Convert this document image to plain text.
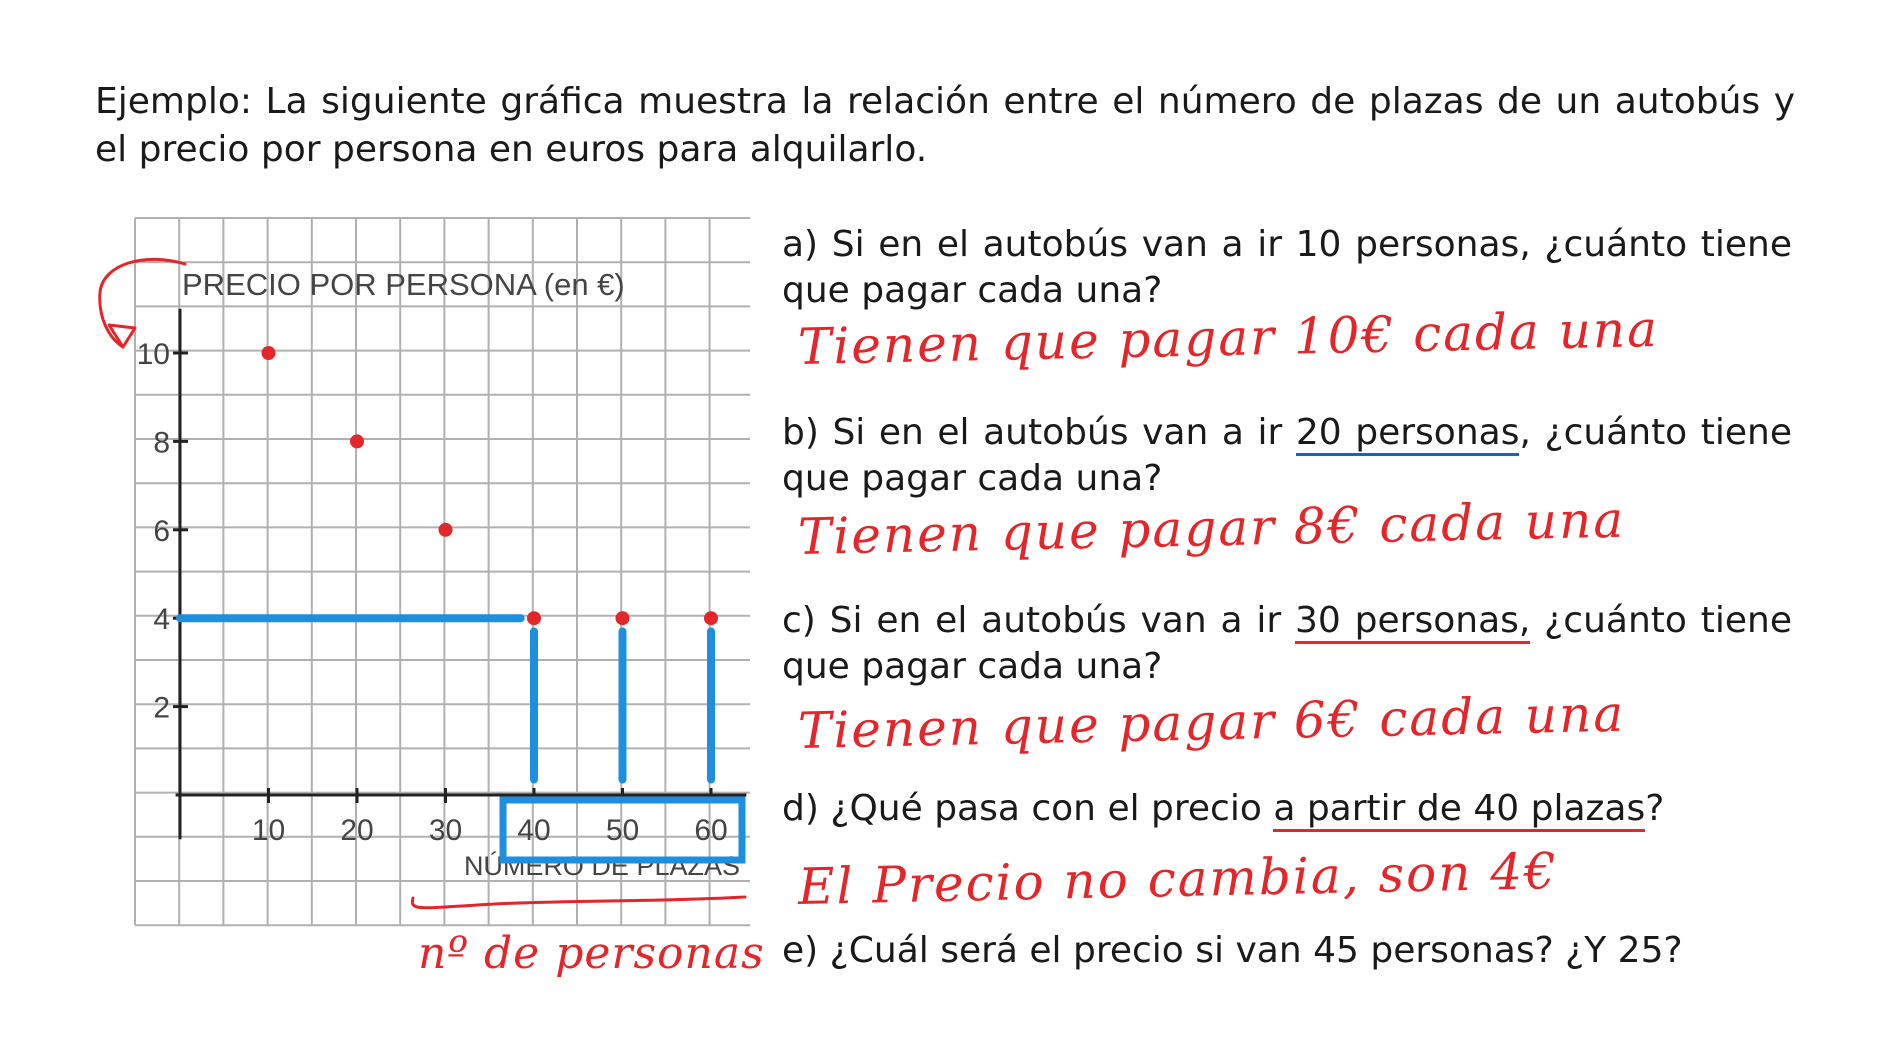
Ejemplo: La siguiente gráfica muestra la relación entre el número de plazas de un autobús y el precio por persona en euros para alquilarlo.

PRECIO POR PERSONA (en €)
NÚMERO DE PLAZAS
2
4
6
8
10
10 20 30 40 50 60

a) Si en el autobús van a ir 10 personas, ¿cuánto tiene que pagar cada una?

Tienen que pagar 10€ cada una

b) Si en el autobús van a ir 20 personas, ¿cuánto tiene que pagar cada una?

Tienen que pagar 8€ cada una

c) Si en el autobús van a ir 30 personas, ¿cuánto tiene que pagar cada una?

Tienen que pagar 6€ cada una

d) ¿Qué pasa con el precio a partir de 40 plazas?

El Precio no cambia, son 4€

e) ¿Cuál será el precio si van 45 personas? ¿Y 25?

nº de personas
